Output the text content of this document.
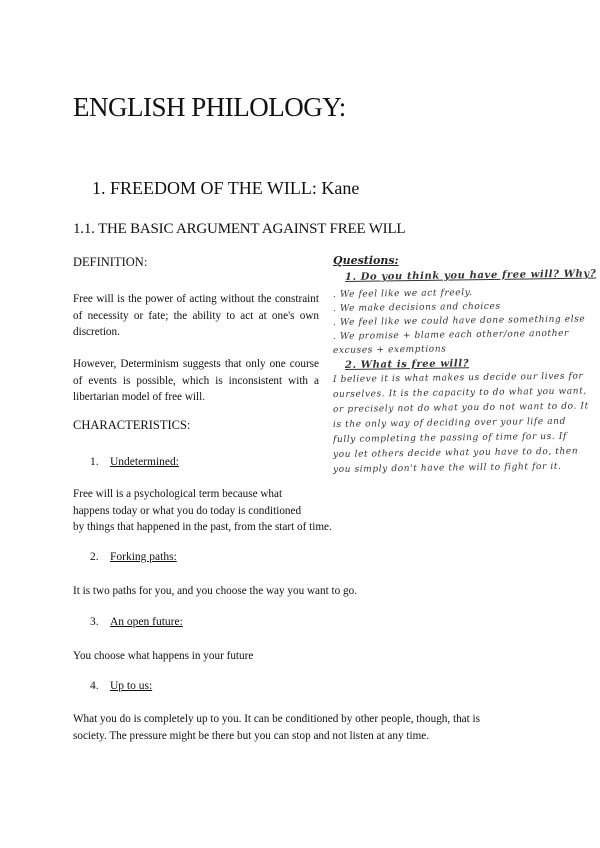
ENGLISH PHILOLOGY:
1. FREEDOM OF THE WILL: Kane
1.1. THE BASIC ARGUMENT AGAINST FREE WILL
DEFINITION:
Free will is the power of acting without the constraint of necessity or fate; the ability to act at one's own discretion.
However, Determinism suggests that only one course of events is possible, which is inconsistent with a libertarian model of free will.
CHARACTERISTICS:
1. Undetermined:
Free will is a psychological term because what
happens today or what you do today is conditioned
by things that happened in the past, from the start of time.
2. Forking paths:
It is two paths for you, and you choose the way you want to go.
3. An open future:
You choose what happens in your future
4. Up to us:
What you do is completely up to you. It can be conditioned by other people, though, that is
society. The pressure might be there but you can stop and not listen at any time.
Questions:
1. Do you think you have free will? Why?
. We feel like we act freely.
. We make decisions and choices
. We feel like we could have done something else
. We promise + blame each other/one another
excuses + exemptions
2. What is free will?
I believe it is what makes us decide our lives for
ourselves. It is the capacity to do what you want,
or precisely not do what you do not want to do. It
is the only way of deciding over your life and
fully completing the passing of time for us. If
you let others decide what you have to do, then
you simply don't have the will to fight for it.
